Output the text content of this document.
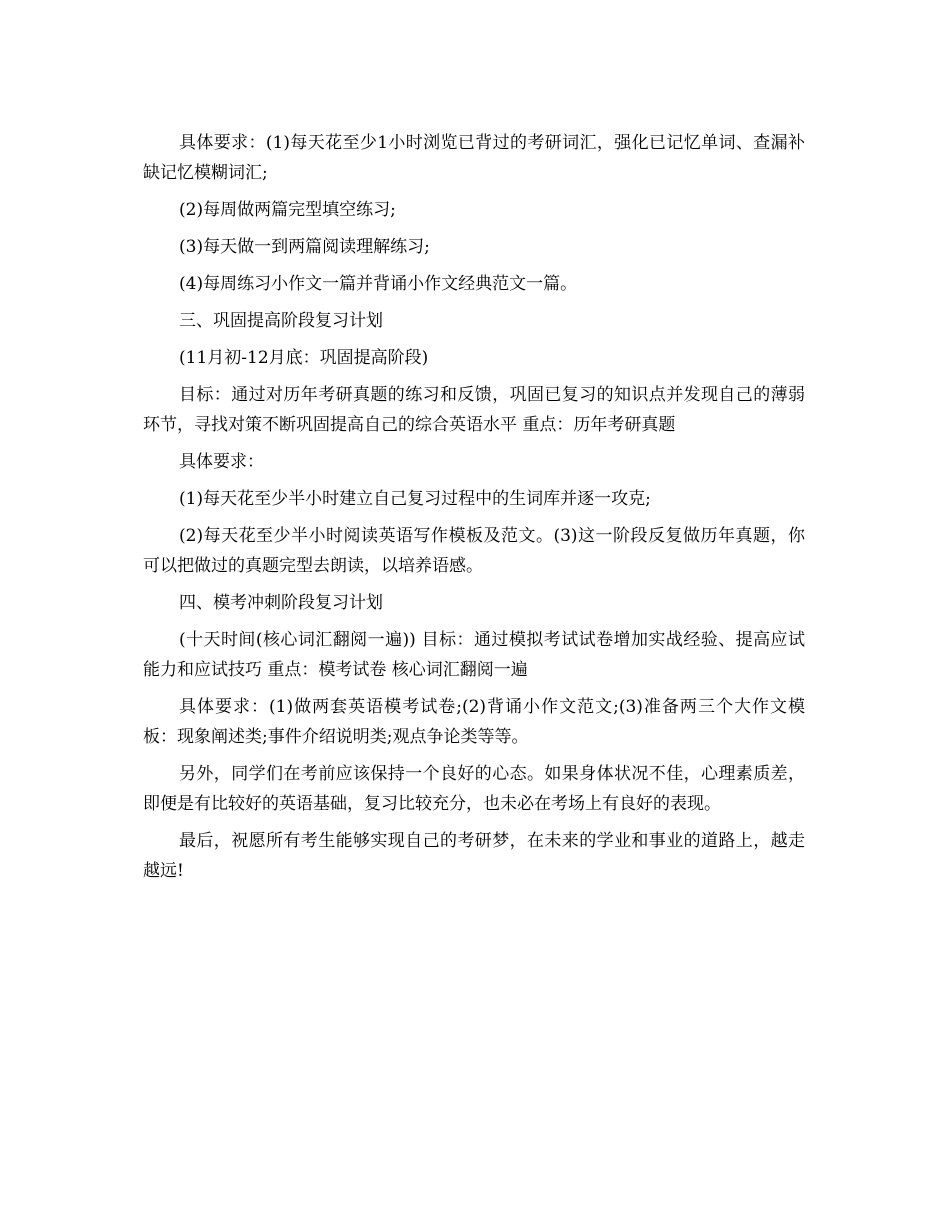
具体要求：(1)每天花至少1小时浏览已背过的考研词汇，强化已记忆单词、查漏补缺记忆模糊词汇;

(2)每周做两篇完型填空练习;

(3)每天做一到两篇阅读理解练习;

(4)每周练习小作文一篇并背诵小作文经典范文一篇。

三、巩固提高阶段复习计划

(11月初-12月底：巩固提高阶段)

目标：通过对历年考研真题的练习和反馈，巩固已复习的知识点并发现自己的薄弱环节，寻找对策不断巩固提高自己的综合英语水平 重点：历年考研真题

具体要求：

(1)每天花至少半小时建立自己复习过程中的生词库并逐一攻克;

(2)每天花至少半小时阅读英语写作模板及范文。(3)这一阶段反复做历年真题，你可以把做过的真题完型去朗读，以培养语感。

四、模考冲刺阶段复习计划

(十天时间(核心词汇翻阅一遍)) 目标：通过模拟考试试卷增加实战经验、提高应试能力和应试技巧 重点：模考试卷 核心词汇翻阅一遍

具体要求：(1)做两套英语模考试卷;(2)背诵小作文范文;(3)准备两三个大作文模板：现象阐述类;事件介绍说明类;观点争论类等等。

另外，同学们在考前应该保持一个良好的心态。如果身体状况不佳，心理素质差，即便是有比较好的英语基础，复习比较充分，也未必在考场上有良好的表现。

最后，祝愿所有考生能够实现自己的考研梦，在未来的学业和事业的道路上，越走越远!
